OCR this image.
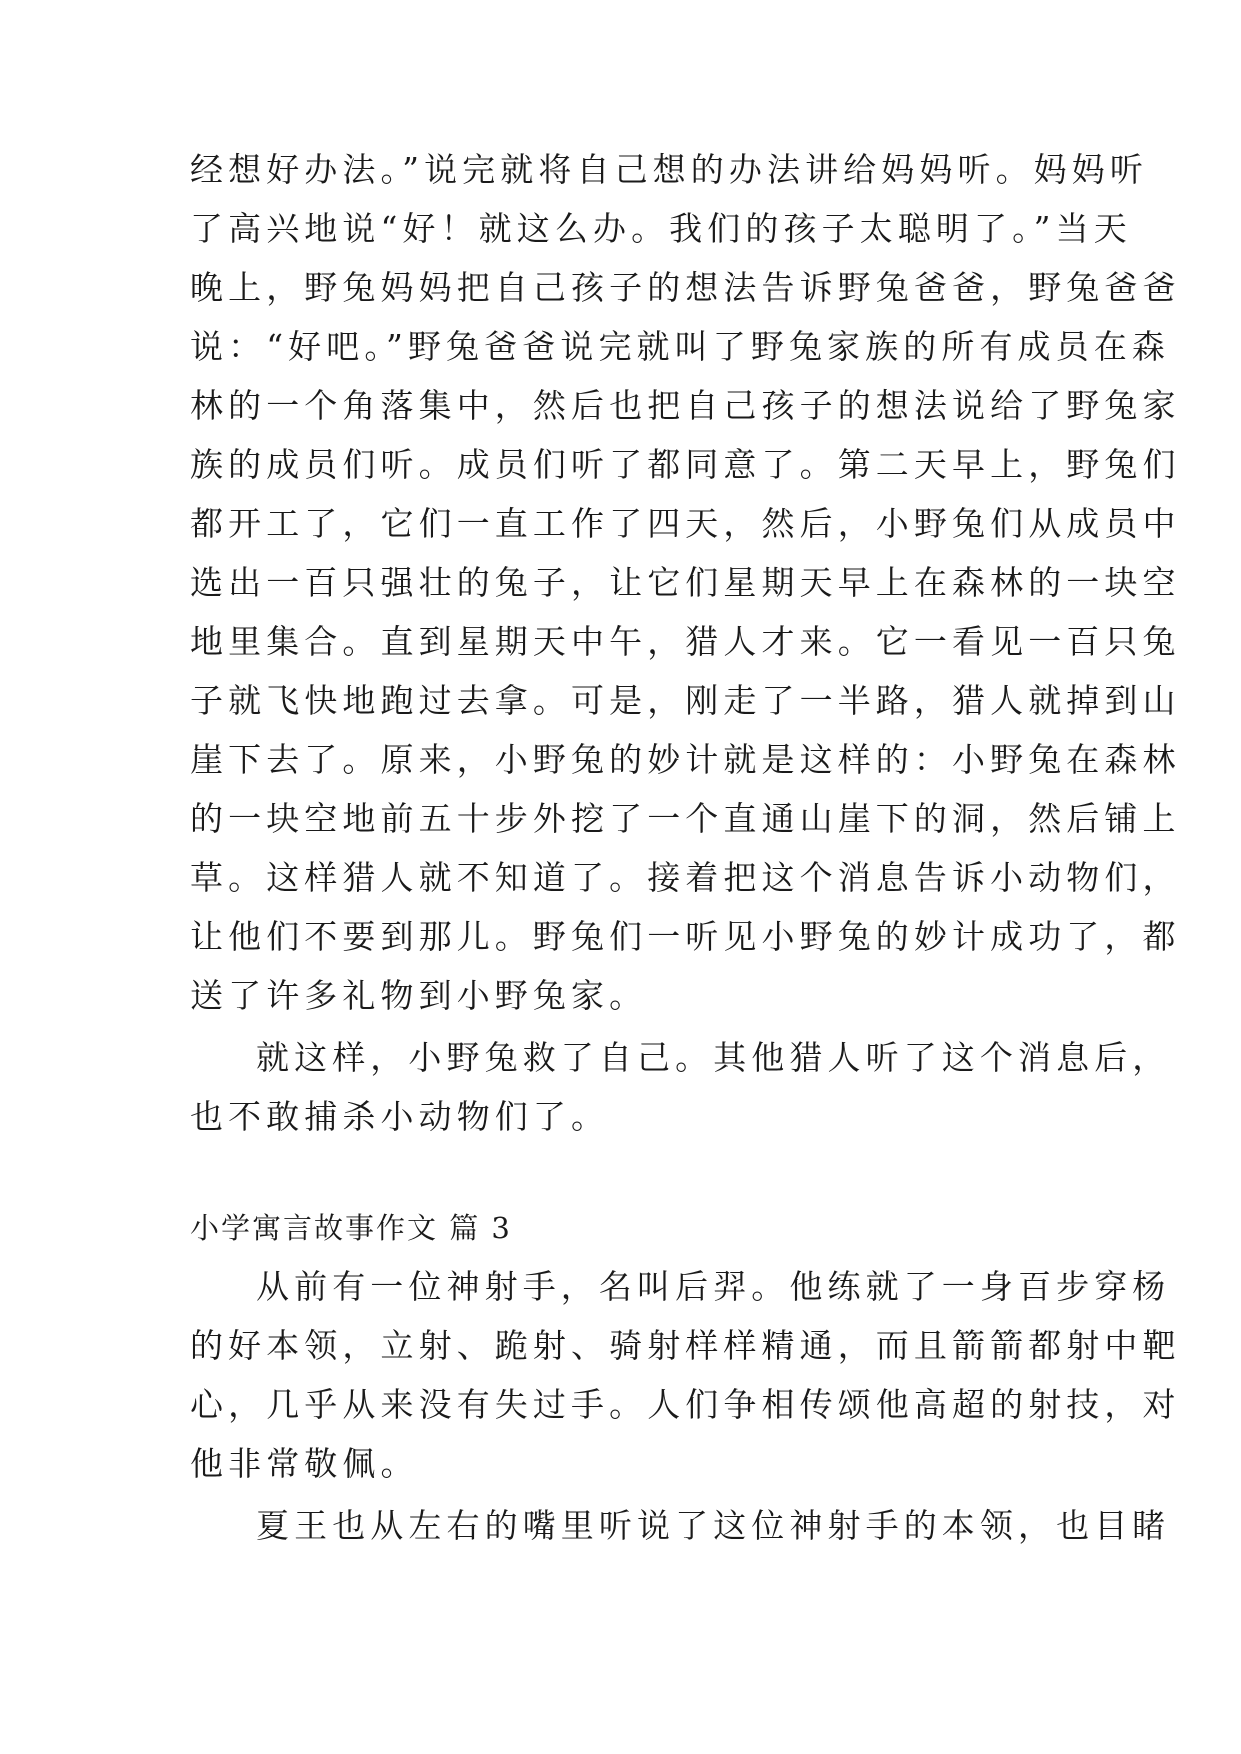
经想好办法。”说完就将自己想的办法讲给妈妈听。妈妈听
了高兴地说“好！就这么办。我们的孩子太聪明了。”当天
晚上，野兔妈妈把自己孩子的想法告诉野兔爸爸，野兔爸爸
说：“好吧。”野兔爸爸说完就叫了野兔家族的所有成员在森
林的一个角落集中，然后也把自己孩子的想法说给了野兔家
族的成员们听。成员们听了都同意了。第二天早上，野兔们
都开工了，它们一直工作了四天，然后，小野兔们从成员中
选出一百只强壮的兔子，让它们星期天早上在森林的一块空
地里集合。直到星期天中午，猎人才来。它一看见一百只兔
子就飞快地跑过去拿。可是，刚走了一半路，猎人就掉到山
崖下去了。原来，小野兔的妙计就是这样的：小野兔在森林
的一块空地前五十步外挖了一个直通山崖下的洞，然后铺上
草。这样猎人就不知道了。接着把这个消息告诉小动物们，
让他们不要到那儿。野兔们一听见小野兔的妙计成功了，都
送了许多礼物到小野兔家。
就这样，小野兔救了自己。其他猎人听了这个消息后，
也不敢捕杀小动物们了。
小学寓言故事作文 篇 3
从前有一位神射手，名叫后羿。他练就了一身百步穿杨
的好本领，立射、跪射、骑射样样精通，而且箭箭都射中靶
心，几乎从来没有失过手。人们争相传颂他高超的射技，对
他非常敬佩。
夏王也从左右的嘴里听说了这位神射手的本领，也目睹
